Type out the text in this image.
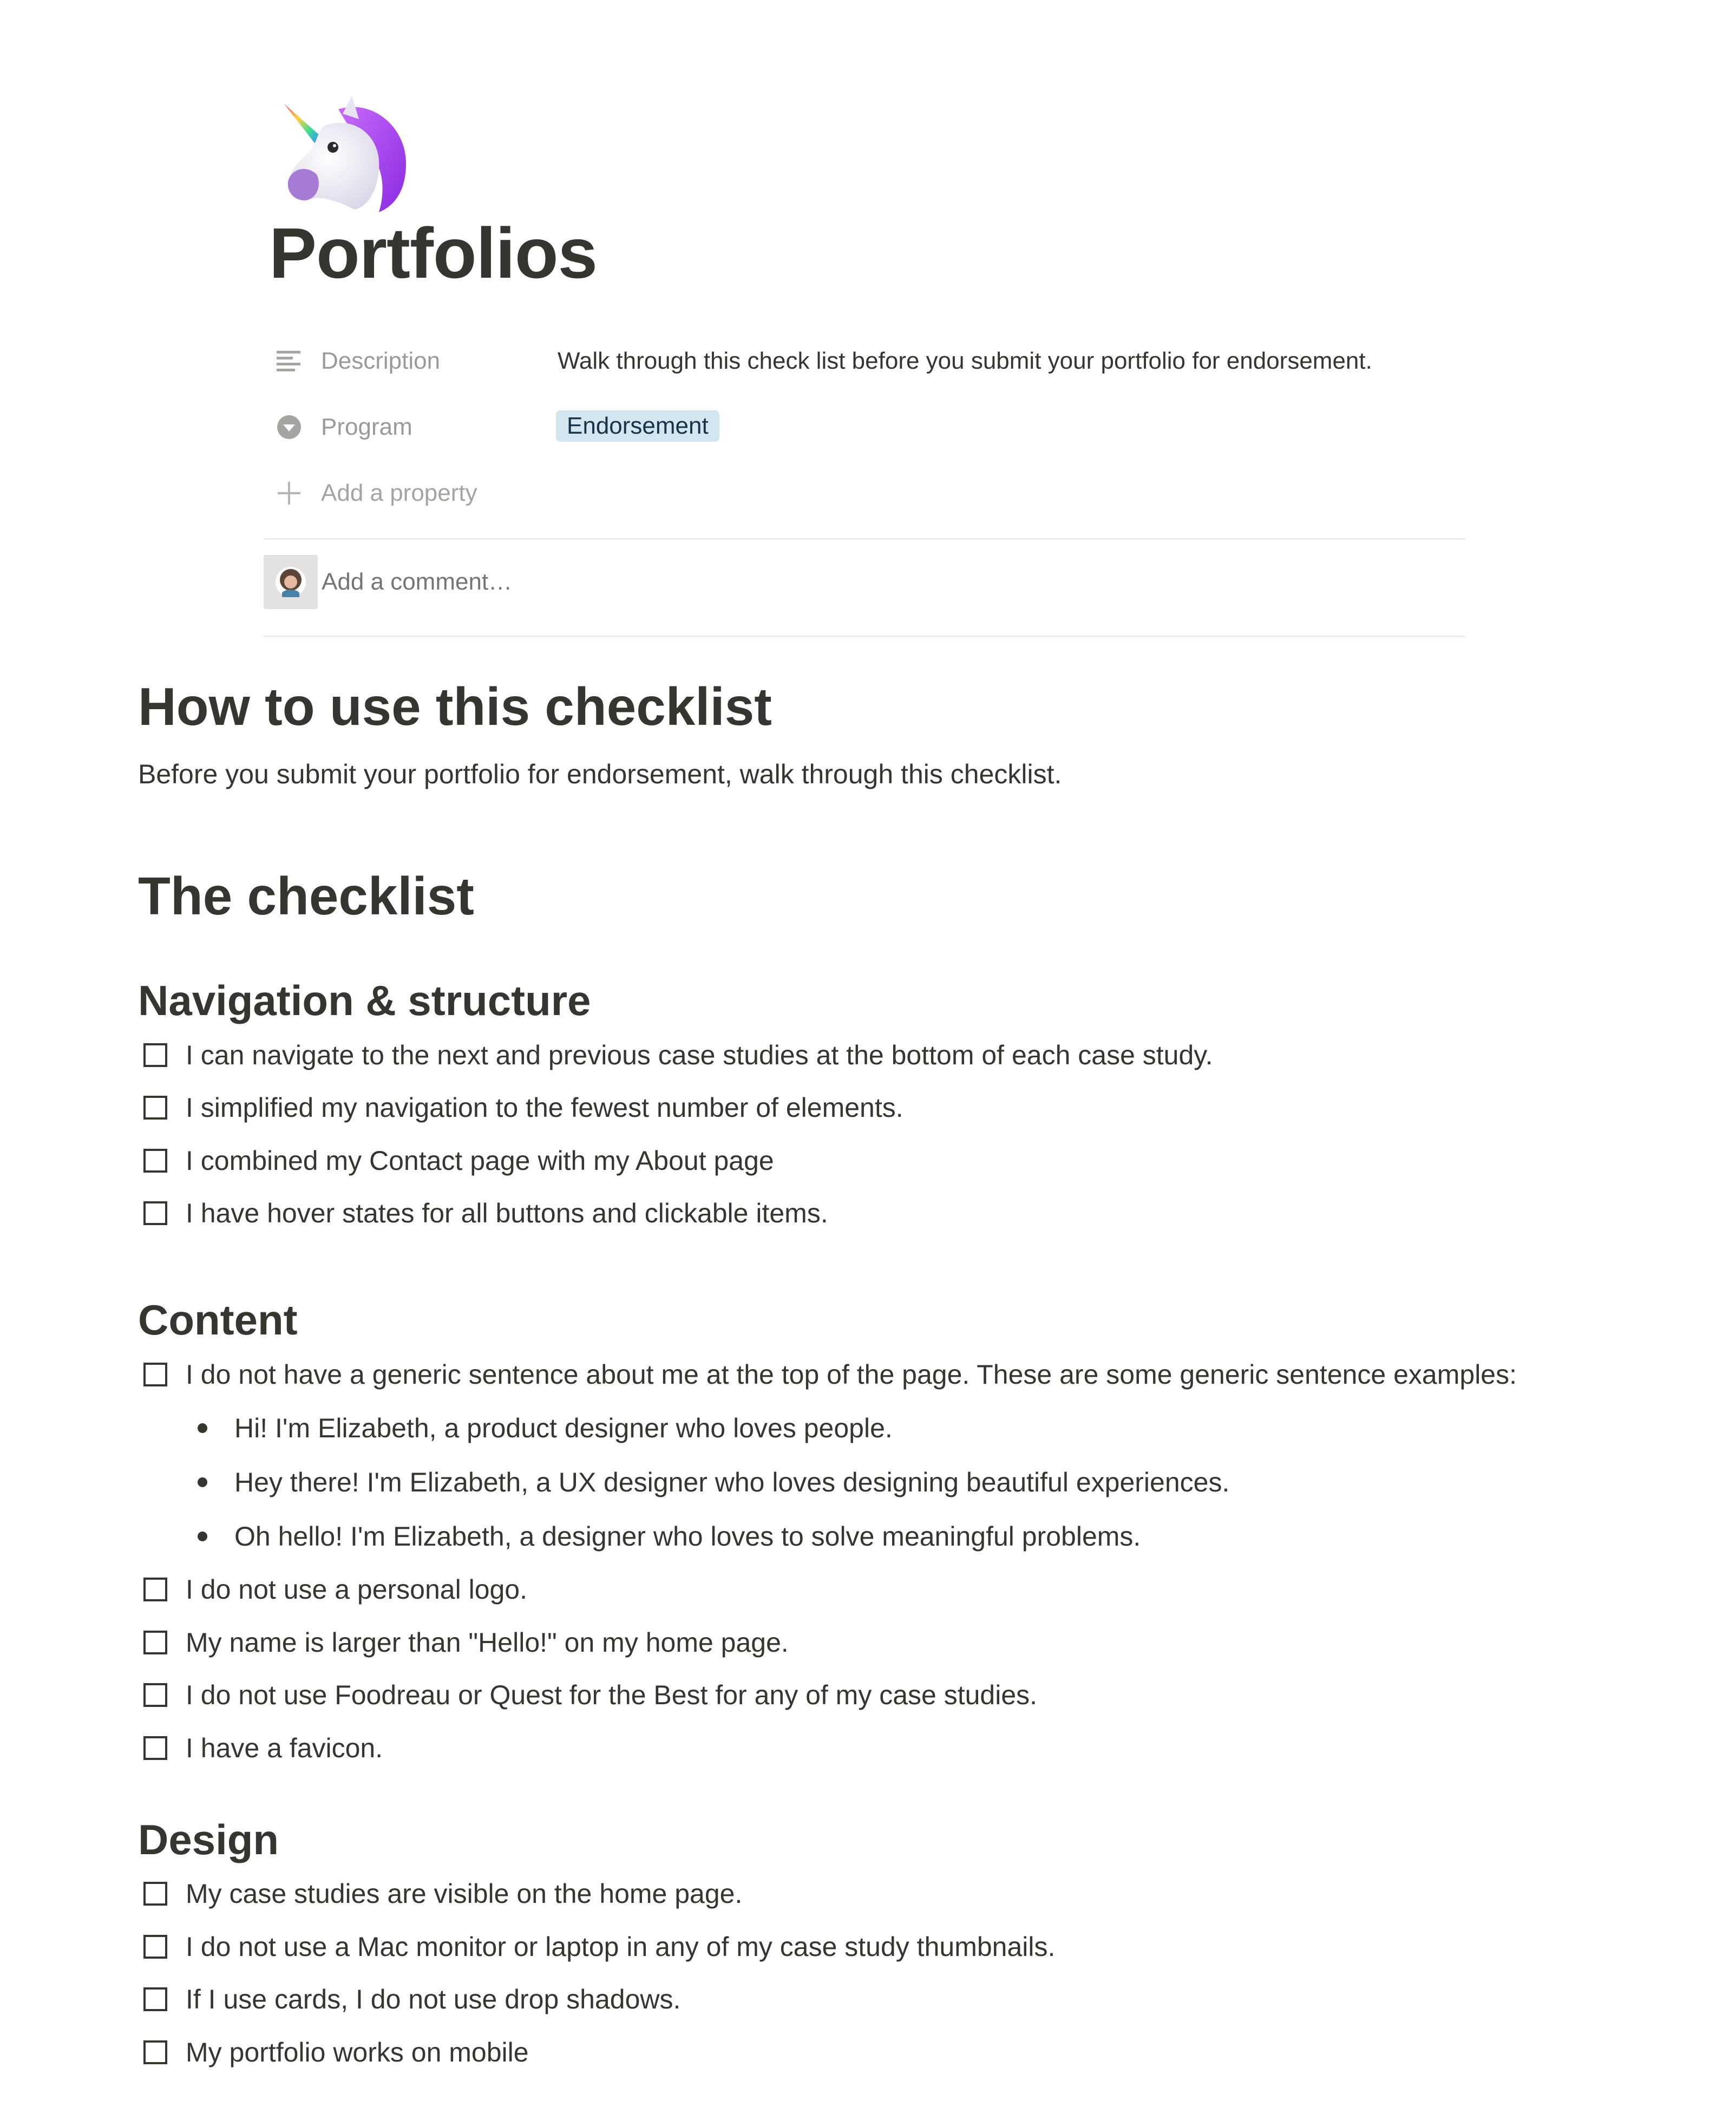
Portfolios
Description	Walk through this check list before you submit your portfolio for endorsement.
Program
Add a property
Endorsement
Add a comment…
How to use this checklist

Before you submit your portfolio for endorsement, walk through this checklist.

The checklist
Navigation & structure
I can navigate to the next and previous case studies at the bottom of each case study.
I simplified my navigation to the fewest number of elements.
I combined my Contact page with my About page
I have hover states for all buttons and clickable items.
Content
I do not have a generic sentence about me at the top of the page. These are some generic sentence examples:
Hi! I'm Elizabeth, a product designer who loves people.
Hey there! I'm Elizabeth, a UX designer who loves designing beautiful experiences.
Oh hello! I'm Elizabeth, a designer who loves to solve meaningful problems.
I do not use a personal logo.
My name is larger than "Hello!" on my home page.
I do not use Foodreau or Quest for the Best for any of my case studies.
I have a favicon.
Design
My case studies are visible on the home page.
I do not use a Mac monitor or laptop in any of my case study thumbnails.
If I use cards, I do not use drop shadows.
My portfolio works on mobile
